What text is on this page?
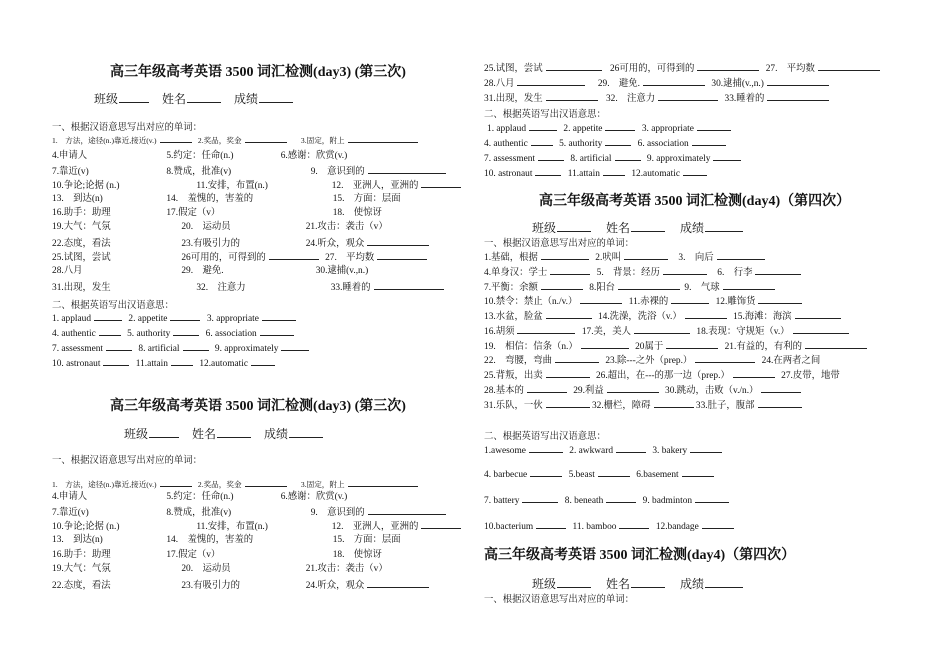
高三年级高考英语 3500 词汇检测(day3) (第三次)
班级	姓名	成绩
一、根据汉语意思写出对应的单词：
1.　方法，途径(n.)靠近,接近(v.)	2.奖品，奖金	3.固定，附上
4.申请人	5.约定：任命(n.)	6.感谢：欣赏(v.)
7.靠近(v)	8.赞成，批准(v)	9.　意识到的
10.争论;论据 (n.)	11.安排，布置(n.)	12.　亚洲人，亚洲的
13.　到达(n)	14.　羞愧的，害羞的	15.　方面：层面
16.助手：助理	17.假定（v）	18.　使惊讶
19.大气：气氛	20.　运动员	21.攻击：袭击（v）
22.态度，看法	23.有吸引力的	24.听众，观众
25.试图，尝试	26可用的，可得到的	27.　平均数
28.八月	29.　避免.	30.逮捕(v.,n.)
31.出现，发生	32.　注意力	33.睡着的
二、根据英语写出汉语意思：
1. applaud	2. appetite	3. appropriate
4. authentic	5. authority	6. association
7. assessment	8. artificial	9. approximately
10. astronaut	11.attain	12.automatic
高三年级高考英语 3500 词汇检测(day3) (第三次)
班级	姓名	成绩
一、根据汉语意思写出对应的单词：
1.　方法，途径(n.)靠近,接近(v.)	2.奖品，奖金	3.固定，附上
4.申请人	5.约定：任命(n.)	6.感谢：欣赏(v.)
7.靠近(v)	8.赞成，批准(v)	9.　意识到的
10.争论;论据 (n.)	11.安排，布置(n.)	12.　亚洲人，亚洲的
13.　到达(n)	14.　羞愧的，害羞的	15.　方面：层面
16.助手：助理	17.假定（v）	18.　使惊讶
19.大气：气氛	20.　运动员	21.攻击：袭击（v）
22.态度，看法	23.有吸引力的	24.听众，观众
25.试图，尝试	26可用的，可得到的	27.　平均数
28.八月	29.　避免.	30.逮捕(v.,n.)
31.出现，发生	32.　注意力	33.睡着的
二、根据英语写出汉语意思：
1. applaud	2. appetite	3. appropriate
4. authentic	5. authority	6. association
7. assessment	8. artificial	9. approximately
10. astronaut	11.attain	12.automatic
高三年级高考英语 3500 词汇检测(day4)（第四次）
班级	姓名	成绩
一、根据汉语意思写出对应的单词：
1.基础，根据	2.吠叫	3.　向后
4.单身汉：学士	5.　背景：经历	6.　行李
7.平衡：余额	8.阳台	9.　气球
10.禁令：禁止（n./v.）	11.赤裸的	12.雕饰货
13.水盆，脸盆	14.洗澡，洗浴（v.）	15.海滩：海滨
16.胡须	17.美，美人	18.表现：守规矩（v.）
19.　相信：信条（n.）	20属于	21.有益的，有利的
22.　弯腰，弯曲	23.除---之外（prep.）	24.在两者之间
25.背叛，出卖	26.超出，在---的那一边（prep.）	27.皮带，地带
28.基本的	29.利益	30.跳动，击败（v./n.）
31.乐队，一伙	32.栅栏，障碍	33.肚子，腹部
二、根据英语写出汉语意思：
1.awesome	2. awkward	3. bakery
4. barbecue	5.beast	6.basement
7. battery	8. beneath	9. badminton
10.bacterium	11. bamboo	12.bandage
高三年级高考英语 3500 词汇检测(day4)（第四次）
班级	姓名	成绩
一、根据汉语意思写出对应的单词：
